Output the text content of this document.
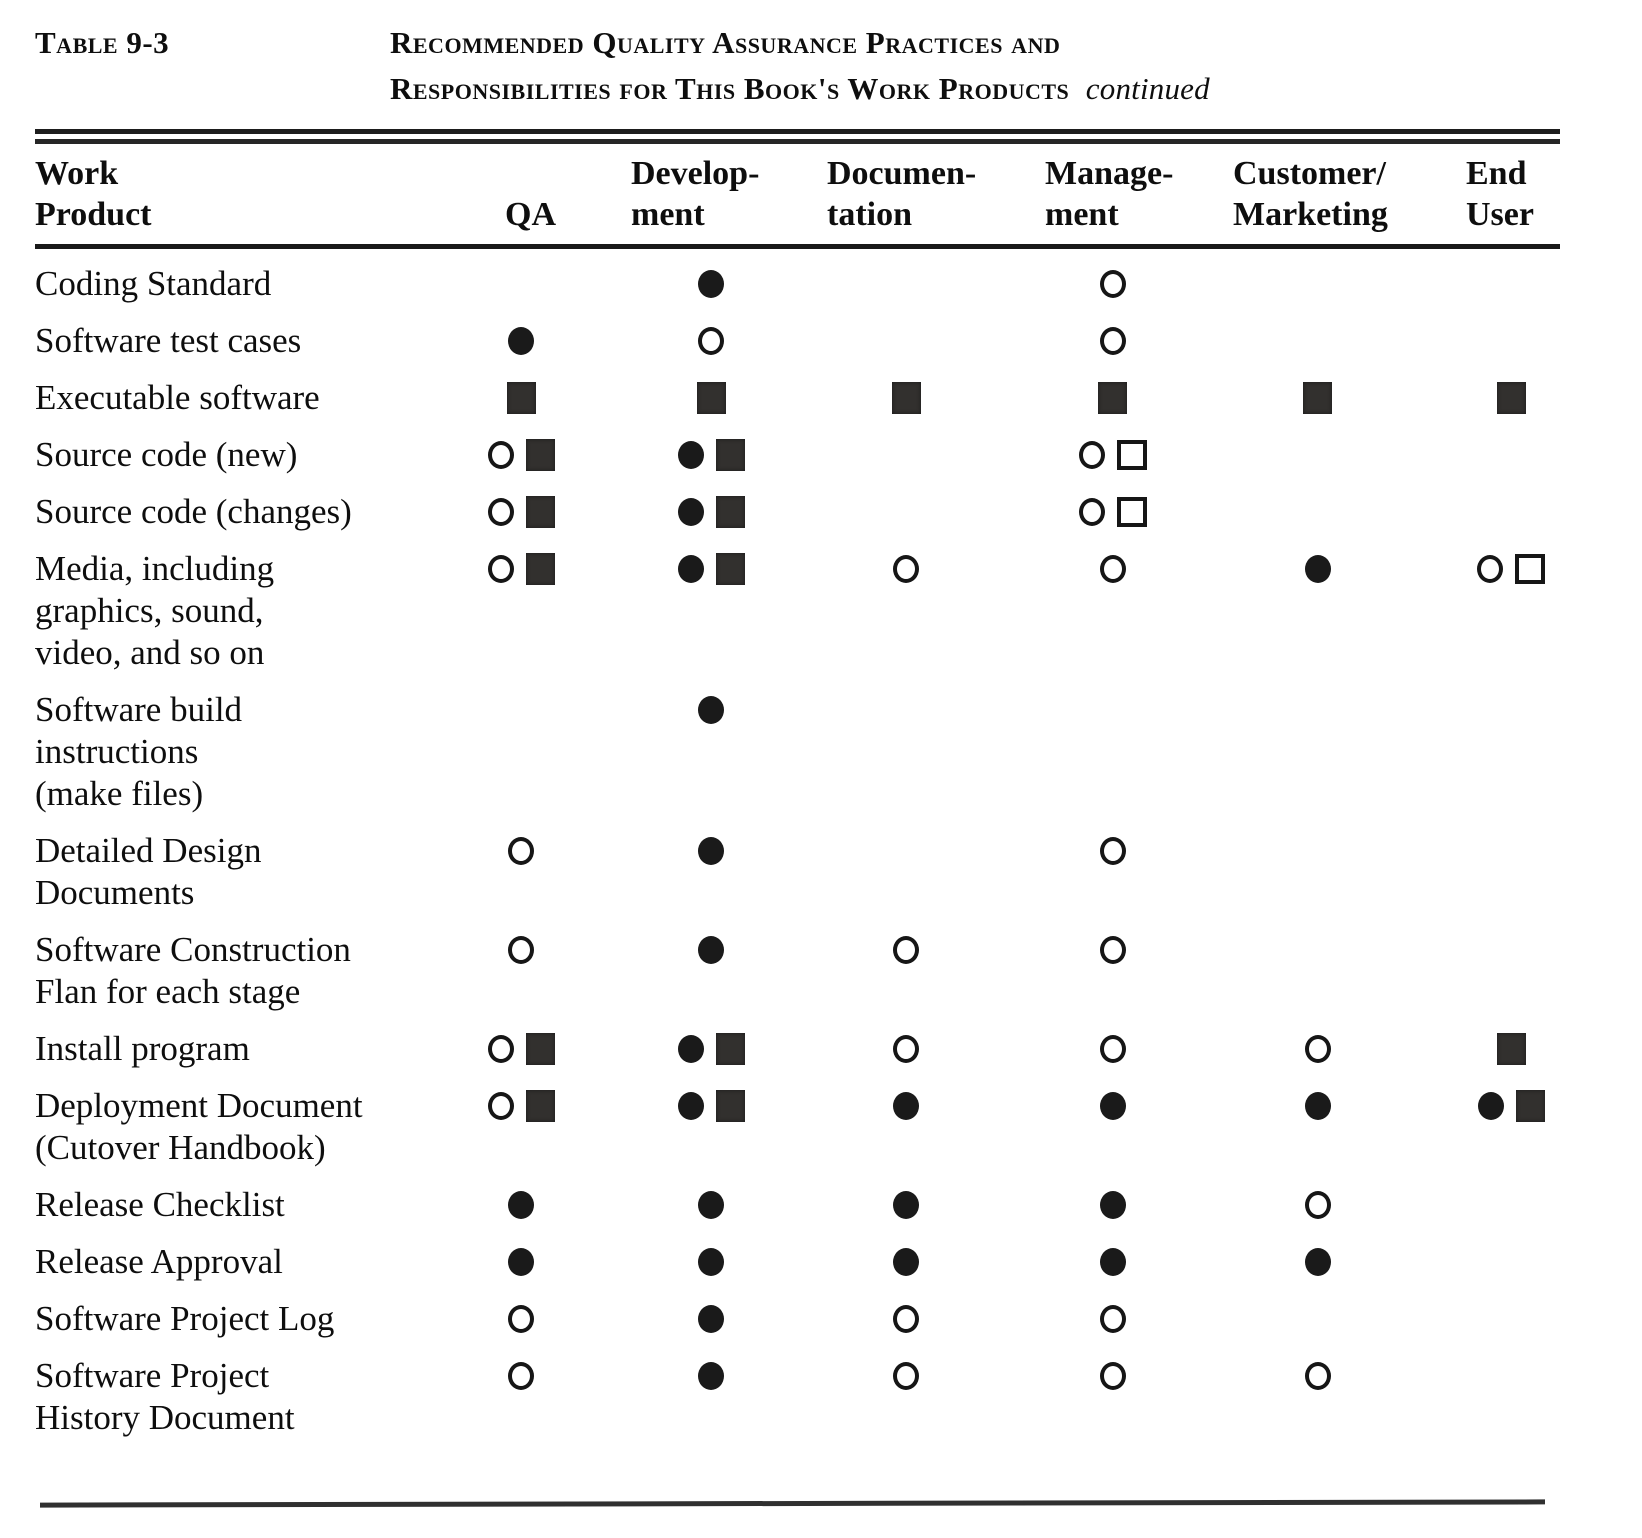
Table 9-3	Recommended Quality Assurance Practices and
Responsibilities for This Book's Work Products continued
Work
Product	QA
Develop-
ment
Documen-
tation
Manage-
ment
Customer/
Marketing
End
User
Coding Standard
Software test cases
Executable software
Source code (new)
Source code (changes)
Media, including
graphics, sound,
video, and so on
Software build
instructions
(make files)
Detailed Design
Documents
Software Construction
Flan for each stage
Install program
Deployment Document
(Cutover Handbook)
Release Checklist
Release Approval
Software Project Log
Software Project
History Document
